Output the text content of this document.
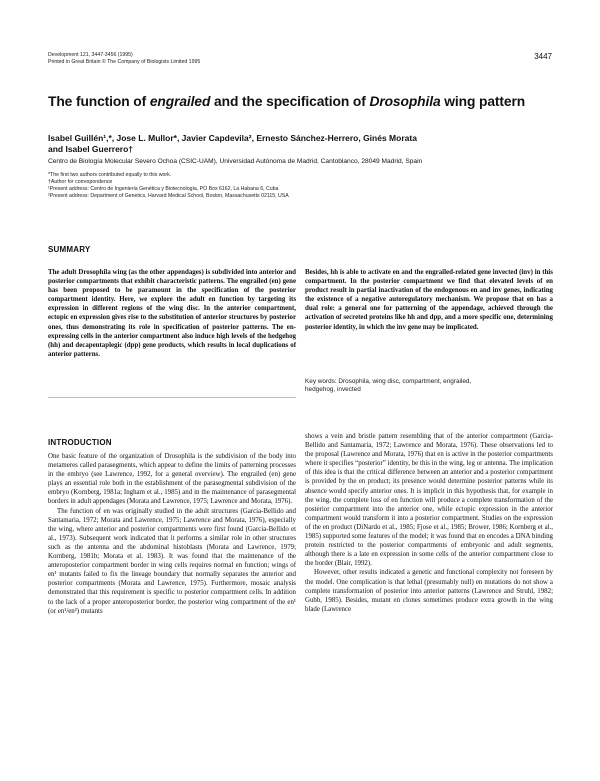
Development 121, 3447-3456 (1995)
Printed in Great Britain © The Company of Biologists Limited 1995
3447
The function of engrailed and the specification of Drosophila wing pattern
Isabel Guillén¹,*, Jose L. Mullor*, Javier Capdevila², Ernesto Sánchez-Herrero, Ginés Morata
and Isabel Guerrero†
Centro de Biología Molecular Severo Ochoa (CSIC-UAM), Universidad Autónoma de Madrid, Cantoblanco, 28049 Madrid, Spain
*The first two authors contributed equally to this work.
†Author for correspondence
¹Present address: Centro de Ingeniería Genética y Biotecnología, PO Box 6162, La Habana 6, Cuba
²Present address: Department of Genetics, Harvard Medical School, Boston, Massachusetts 02115, USA
SUMMARY
The adult Drosophila wing (as the other appendages) is subdivided into anterior and posterior compartments that exhibit characteristic patterns. The engrailed (en) gene has been proposed to be paramount in the specification of the posterior compartment identity. Here, we explore the adult en function by targeting its expression in different regions of the wing disc. In the anterior compartment, ectopic en expression gives rise to the substitution of anterior structures by posterior ones, thus demonstrating its role in specification of posterior patterns. The en-expressing cells in the anterior compartment also induce high levels of the hedgehog (hh) and decapentaplegic (dpp) gene products, which results in local duplications of anterior patterns.
Besides, hh is able to activate en and the engrailed-related gene invected (inv) in this compartment. In the posterior compartment we find that elevated levels of en product result in partial inactivation of the endogenous en and inv genes, indicating the existence of a negative autoregulatory mechanism. We propose that en has a dual role: a general one for patterning of the appendage, achieved through the activation of secreted proteins like hh and dpp, and a more specific one, determining posterior identity, in which the inv gene may be implicated.
Key words: Drosophila, wing disc, compartment, engrailed,
hedgehog, invected
INTRODUCTION

One basic feature of the organization of Drosophila is the subdivision of the body into metameres called parasegments, which appear to define the limits of patterning processes in the embryo (see Lawrence, 1992, for a general overview). The engrailed (en) gene plays an essential role both in the establishment of the parasegmental subdivision of the embryo (Kornberg, 1981a; Ingham et al., 1985) and in the maintenance of parasegmental borders in adult appendages (Morata and Lawrence, 1975; Lawrence and Morata, 1976).

The function of en was originally studied in the adult structures (Garcia-Bellido and Santamaria, 1972; Morata and Lawrence, 1975; Lawrence and Morata, 1976), especially the wing, where anterior and posterior compartments were first found (Garcia-Bellido et al., 1973). Subsequent work indicated that it performs a similar role in other structures such as the antenna and the abdominal histoblasts (Morata and Lawrence, 1979; Kornberg, 1981b; Morata et al. 1983). It was found that the maintenance of the anteroposterior compartment border in wing cells requires normal en function; wings of en¹ mutants failed to fix the lineage boundary that normally separates the anterior and posterior compartments (Morata and Lawrence, 1975). Furthermore, mosaic analysis demonstrated that this requirement is specific to posterior compartment cells. In addition to the lack of a proper anteroposterior border, the posterior wing compartment of the en¹ (or en¹/en²) mutants

shows a vein and bristle pattern resembling that of the anterior compartment (Garcia-Bellido and Santamaria, 1972; Lawrence and Morata, 1976). These observations led to the proposal (Lawrence and Morata, 1976) that en is active in the posterior compartments where it specifies “posterior” identity, be this in the wing, leg or antenna. The implication of this idea is that the critical difference between an anterior and a posterior compartment is provided by the en product; its presence would determine posterior patterns while its absence would specify anterior ones. It is implicit in this hypothesis that, for example in the wing, the complete loss of en function will produce a complete transformation of the posterior compartment into the anterior one, while ectopic expression in the anterior compartment would transform it into a posterior compartment. Studies on the expression of the en product (DiNardo et al., 1985; Fjose et al., 1985; Brower, 1986; Kornberg et al., 1985) supported some features of the model; it was found that en encodes a DNA binding protein restricted to the posterior compartments of embryonic and adult segments, although there is a late en expression in some cells of the anterior compartment close to the border (Blair, 1992).

However, other results indicated a genetic and functional complexity not foreseen by the model. One complication is that lethal (presumably null) en mutations do not show a complete transformation of posterior into anterior patterns (Lawrence and Struhl, 1982; Gubb, 1985). Besides, mutant en clones sometimes produce extra growth in the wing blade (Lawrence
